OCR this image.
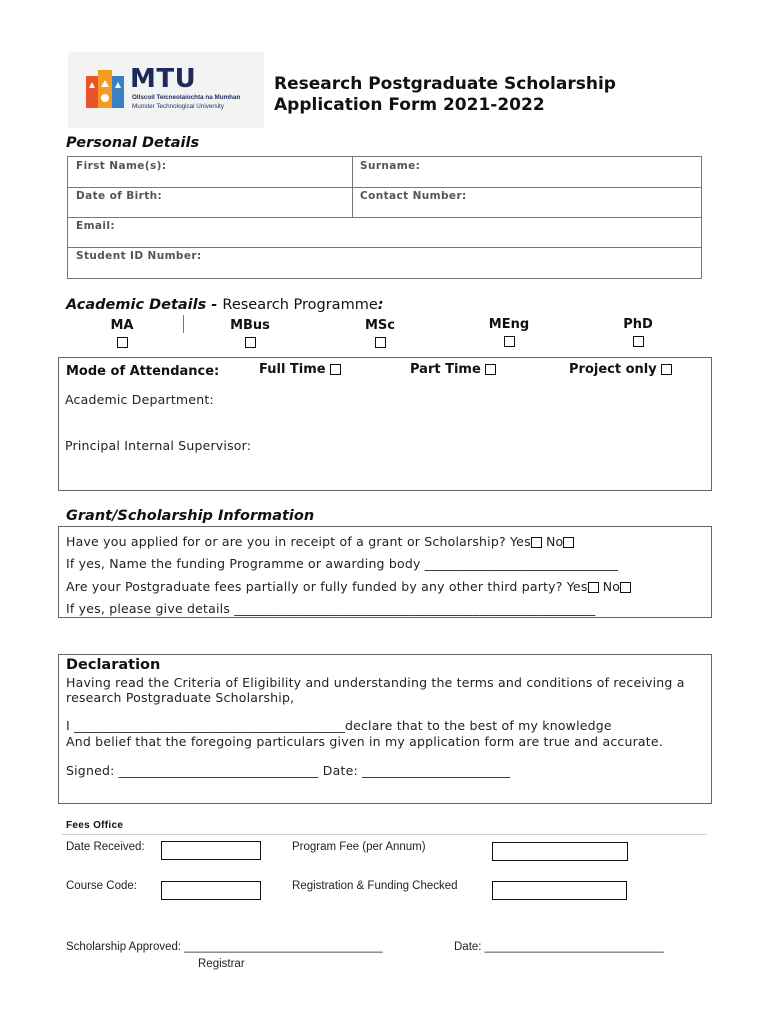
MTU
Ollscoil Teicneolaíochta na Mumhan
Munster Technological University
Research Postgraduate Scholarship
Application Form 2021-2022
Personal Details
First Name(s):	Surname:
Date of Birth:	Contact Number:
Email:
Student ID Number:
Academic Details - Research Programme:
MA	MBus	MSc	MEng	PhD
Mode of Attendance:	Full Time	Part Time	Project only
Academic Department:
Principal Internal Supervisor:
Grant/Scholarship Information
Have you applied for or are you in receipt of a grant or Scholarship? Yes No
If yes, Name the funding Programme or awarding body ______________________________
Are your Postgraduate fees partially or fully funded by any other third party? Yes No
If yes, please give details ________________________________________________________
Declaration
Having read the Criteria of Eligibility and understanding the terms and conditions of receiving a
research Postgraduate Scholarship,
I __________________________________________declare that to the best of my knowledge
And belief that the foregoing particulars given in my application form are true and accurate.
Signed: _______________________________ Date: _______________________
Fees Office
Date Received:	Program Fee (per Annum)
Course Code:	Registration & Funding Checked
Scholarship Approved: _______________________________	Date: ____________________________
Registrar
